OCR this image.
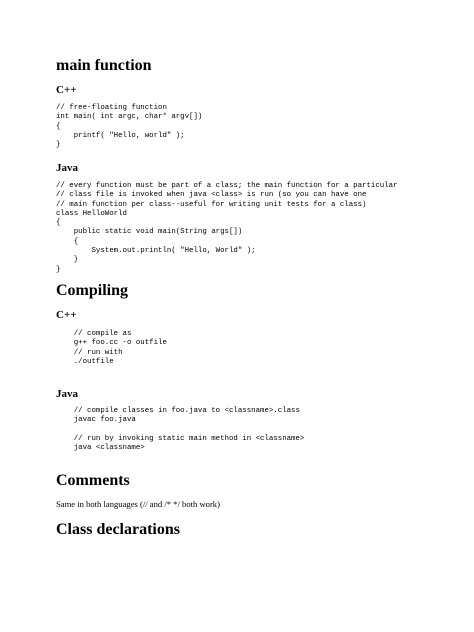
main function
C++
// free-floating function
int main( int argc, char* argv[])
{
printf( "Hello, world" );
}
Java
// every function must be part of a class; the main function for a particular
// class file is invoked when java <class> is run (so you can have one
// main function per class--useful for writing unit tests for a class)
class HelloWorld
{
public static void main(String args[])
{
System.out.println( "Hello, World" );
}
}
Compiling
C++
// compile as
g++ foo.cc -o outfile
// run with
./outfile
Java
// compile classes in foo.java to <classname>.class
javac foo.java
// run by invoking static main method in <classname>
java <classname>
Comments

Same in both languages (// and /* */ both work)

Class declarations
